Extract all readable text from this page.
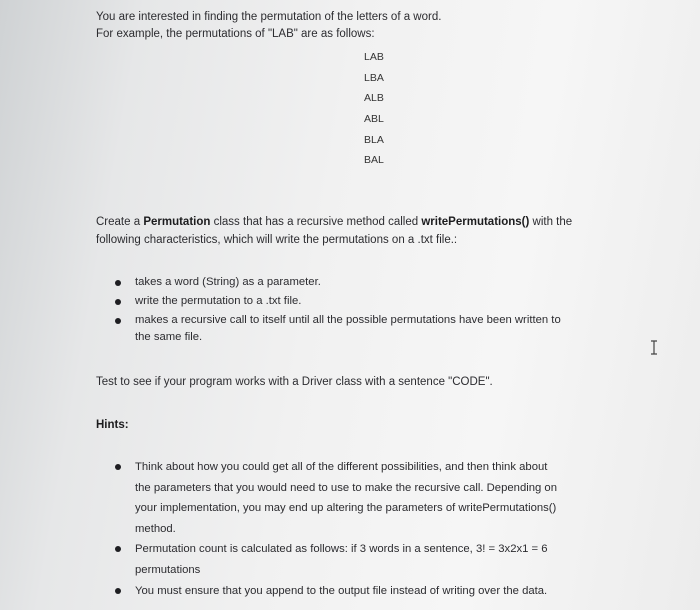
You are interested in finding the permutation of the letters of a word.
For example, the permutations of "LAB" are as follows:
LAB
LBA
ALB
ABL
BLA
BAL
Create a Permutation class that has a recursive method called writePermutations() with the
following characteristics, which will write the permutations on a .txt file.:
takes a word (String) as a parameter.
write the permutation to a .txt file.
makes a recursive call to itself until all the possible permutations have been written to
the same file.
Test to see if your program works with a Driver class with a sentence "CODE".
Hints:
Think about how you could get all of the different possibilities, and then think about
the parameters that you would need to use to make the recursive call. Depending on
your implementation, you may end up altering the parameters of writePermutations()
method.
Permutation count is calculated as follows: if 3 words in a sentence, 3! = 3x2x1 = 6
permutations
You must ensure that you append to the output file instead of writing over the data.
